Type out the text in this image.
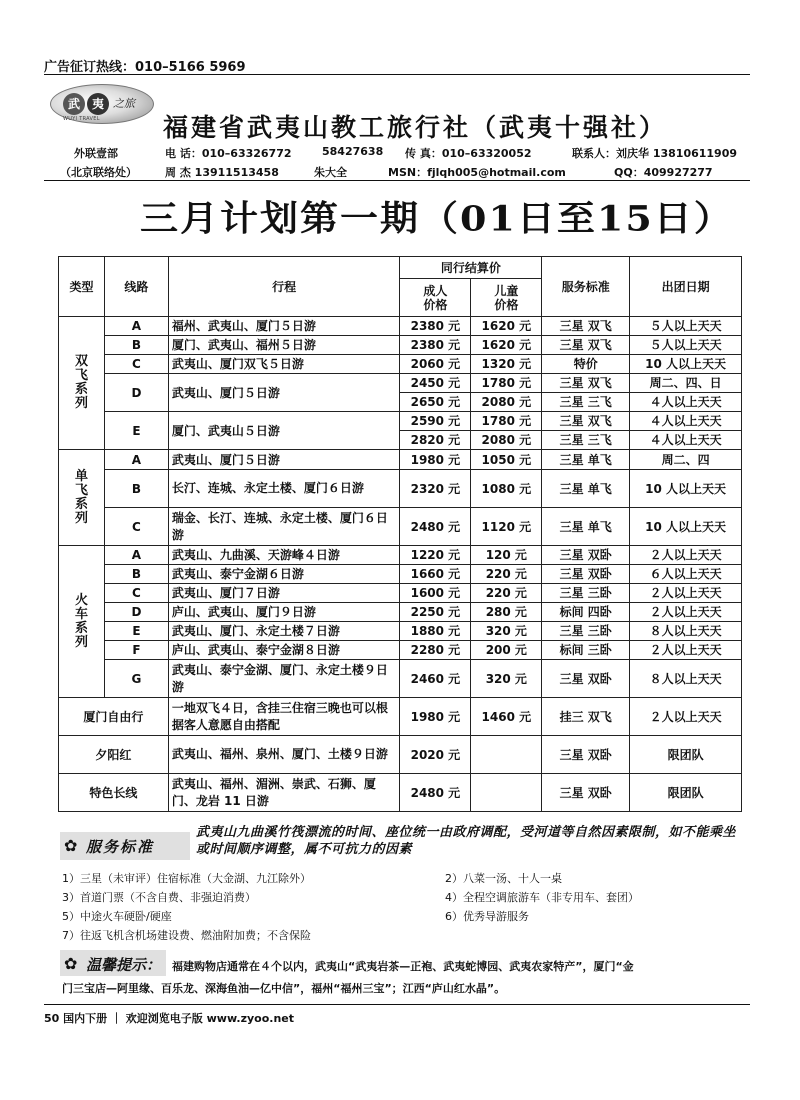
广告征订热线：010–5166 5969
武 夷 之旅
WUYI TRAVEL	福建省武夷山教工旅行社（武夷十强社）
外联壹部
（北京联络处）
电 话：010–63326772	58427638 传 真：010–63320052	联系人：刘庆华 13810611909
周 杰 13911513458	朱大全	MSN：fjlqh005@hotmail.com	QQ：409927277
三月计划第一期（01日至15日）
类型	线路	行程	同行结算价		服务标准	出团日期
			成人价格	儿童价格		
双飞系列	A	福州、武夷山、厦门５日游	2380 元	1620 元	三星 双飞	５人以上天天
	B	厦门、武夷山、福州５日游	2380 元	1620 元	三星 双飞	５人以上天天
	C	武夷山、厦门双飞５日游	2060 元	1320 元	特价	10 人以上天天
	D	武夷山、厦门５日游	2450 元	1780 元	三星 双飞	周二、四、日
			2650 元	2080 元	三星 三飞	４人以上天天
	E	厦门、武夷山５日游	2590 元	1780 元	三星 双飞	４人以上天天
			2820 元	2080 元	三星 三飞	４人以上天天
单飞系列	A	武夷山、厦门５日游	1980 元	1050 元	三星 单飞	周二、四
	B	长汀、连城、永定土楼、厦门６日游	2320 元	1080 元	三星 单飞	10 人以上天天
	C	瑞金、长汀、连城、永定土楼、厦门６日游	2480 元	1120 元	三星 单飞	10 人以上天天
火车系列	A	武夷山、九曲溪、天游峰４日游	1220 元	120 元	三星 双卧	２人以上天天
	B	武夷山、泰宁金湖６日游	1660 元	220 元	三星 双卧	６人以上天天
	C	武夷山、厦门７日游	1600 元	220 元	三星 三卧	２人以上天天
	D	庐山、武夷山、厦门９日游	2250 元	280 元	标间 四卧	２人以上天天
	E	武夷山、厦门、永定土楼７日游	1880 元	320 元	三星 三卧	８人以上天天
	F	庐山、武夷山、泰宁金湖８日游	2280 元	200 元	标间 三卧	２人以上天天
	G	武夷山、泰宁金湖、厦门、永定土楼９日游	2460 元	320 元	三星 双卧	８人以上天天
厦门自由行		一地双飞４日，含挂三住宿三晚也可以根据客人意愿自由搭配	1980 元	1460 元	挂三 双飞	２人以上天天
夕阳红		武夷山、福州、泉州、厦门、土楼９日游	2020 元		三星 双卧	限团队
特色长线		武夷山、福州、湄洲、崇武、石狮、厦门、龙岩 11 日游	2480 元		三星 双卧	限团队
✿ 服务标准
武夷山九曲溪竹筏漂流的时间、座位统一由政府调配，受河道等自然因素限制，如不能乘坐或时间顺序调整，属不可抗力的因素
1）三星（未审评）住宿标准（大金湖、九江除外）	2）八菜一汤、十人一桌
3）首道门票（不含自费、非强迫消费）	4）全程空调旅游车（非专用车、套团）
5）中途火车硬卧/硬座	6）优秀导游服务
7）往返飞机含机场建设费、燃油附加费；不含保险
✿ 温馨提示： 福建购物店通常在４个以内，武夷山“武夷岩茶—正袍、武夷蛇博园、武夷农家特产”，厦门“金
门三宝店—阿里缘、百乐龙、深海鱼油—亿中信”，福州“福州三宝”；江西“庐山红水晶”。
50 国内下册 ｜ 欢迎浏览电子版 www.zyoo.net
